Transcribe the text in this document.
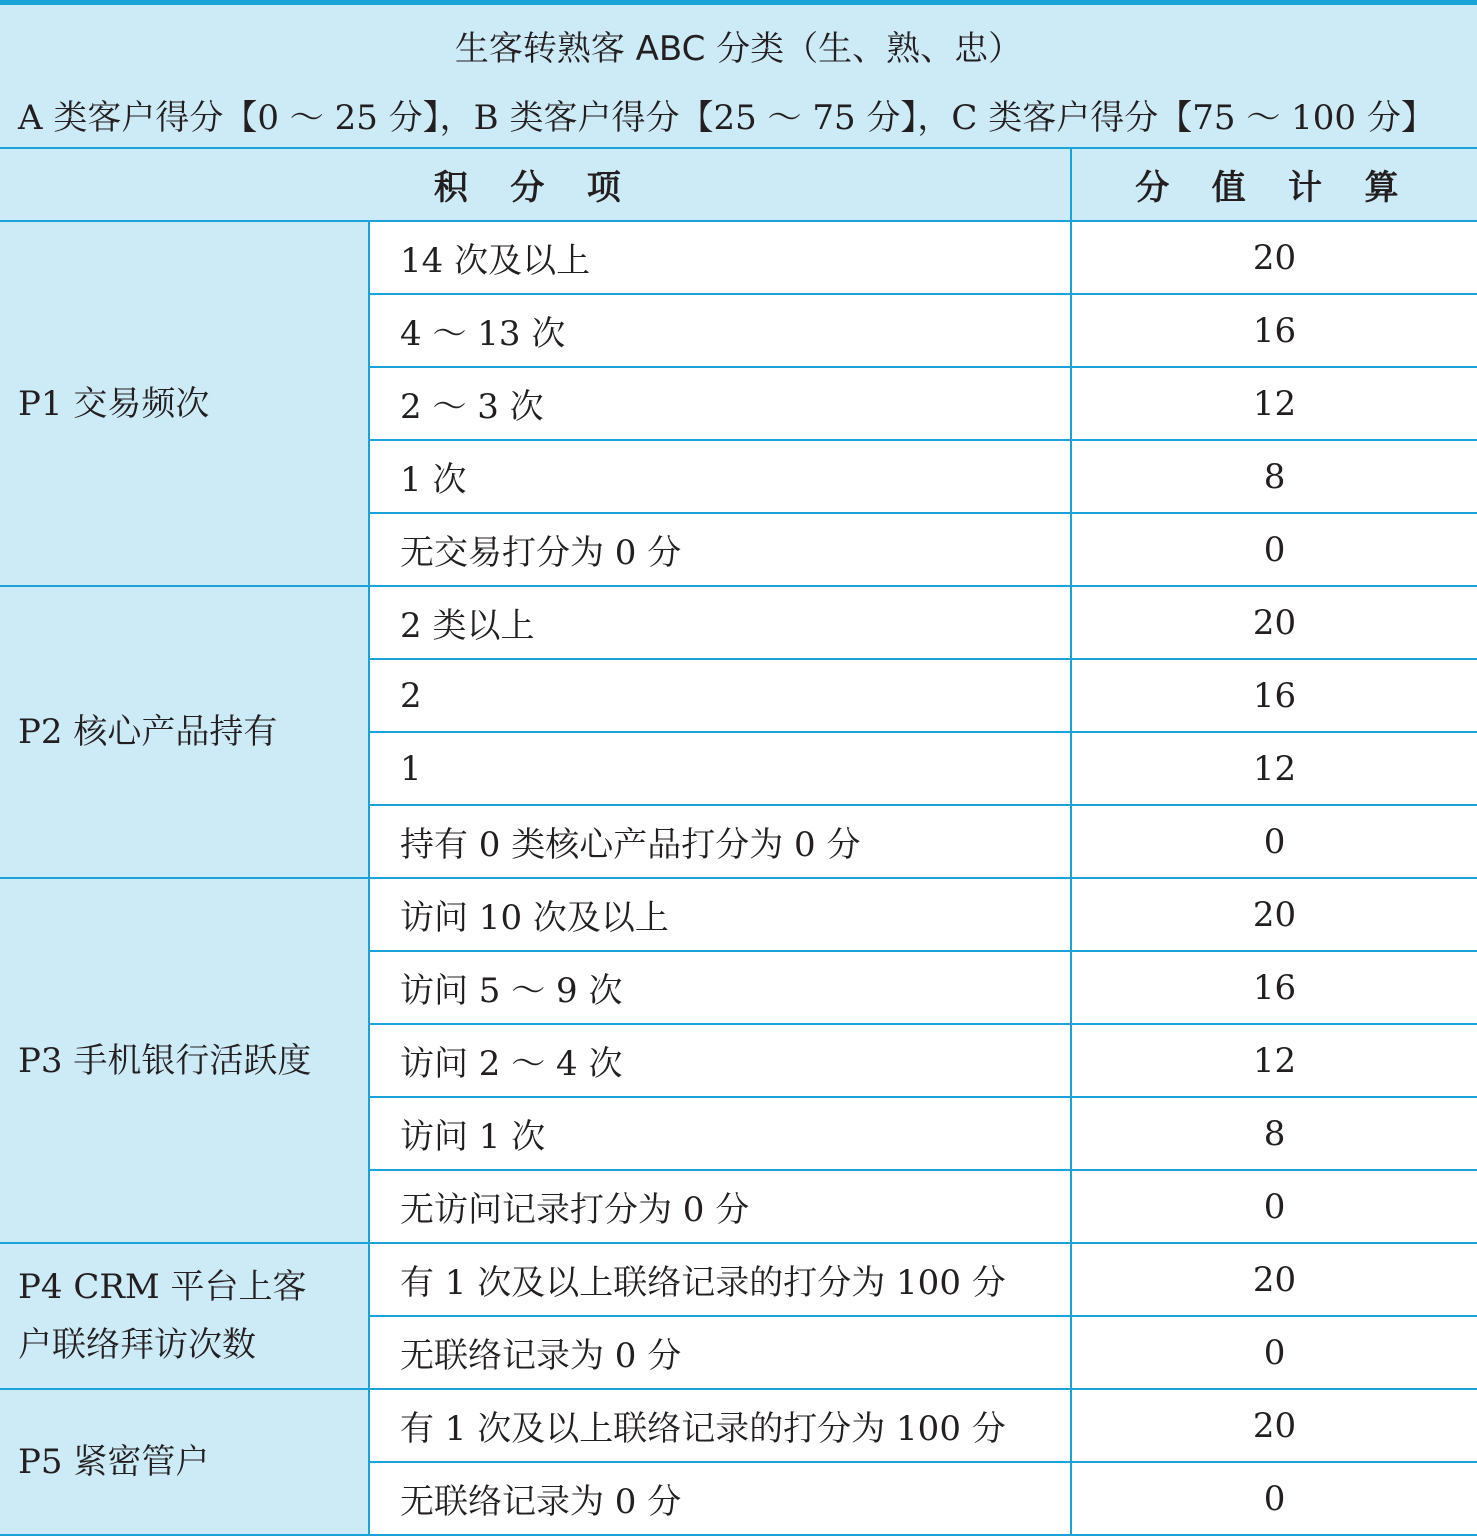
生客转熟客 ABC 分类（生、熟、忠）		
A 类客户得分【0 ～ 25 分】，B 类客户得分【25 ～ 75 分】，C 类客户得分【75 ～ 100 分】		
积 分 项		分 值 计 算

P1 交易频次	14 次及以上	20
	4 ～ 13 次	16
	2 ～ 3 次	12
	1 次	8
	无交易打分为 0 分	0

P2 核心产品持有	2 类以上	20
	2	16
	1	12
	持有 0 类核心产品打分为 0 分	0

P3 手机银行活跃度	访问 10 次及以上	20
	访问 5 ～ 9 次	16
	访问 2 ～ 4 次	12
	访问 1 次	8
	无访问记录打分为 0 分	0

P4 CRM 平台上客户联络拜访次数	有 1 次及以上联络记录的打分为 100 分	20
	无联络记录为 0 分	0

P5 紧密管户	有 1 次及以上联络记录的打分为 100 分	20
	无联络记录为 0 分	0
